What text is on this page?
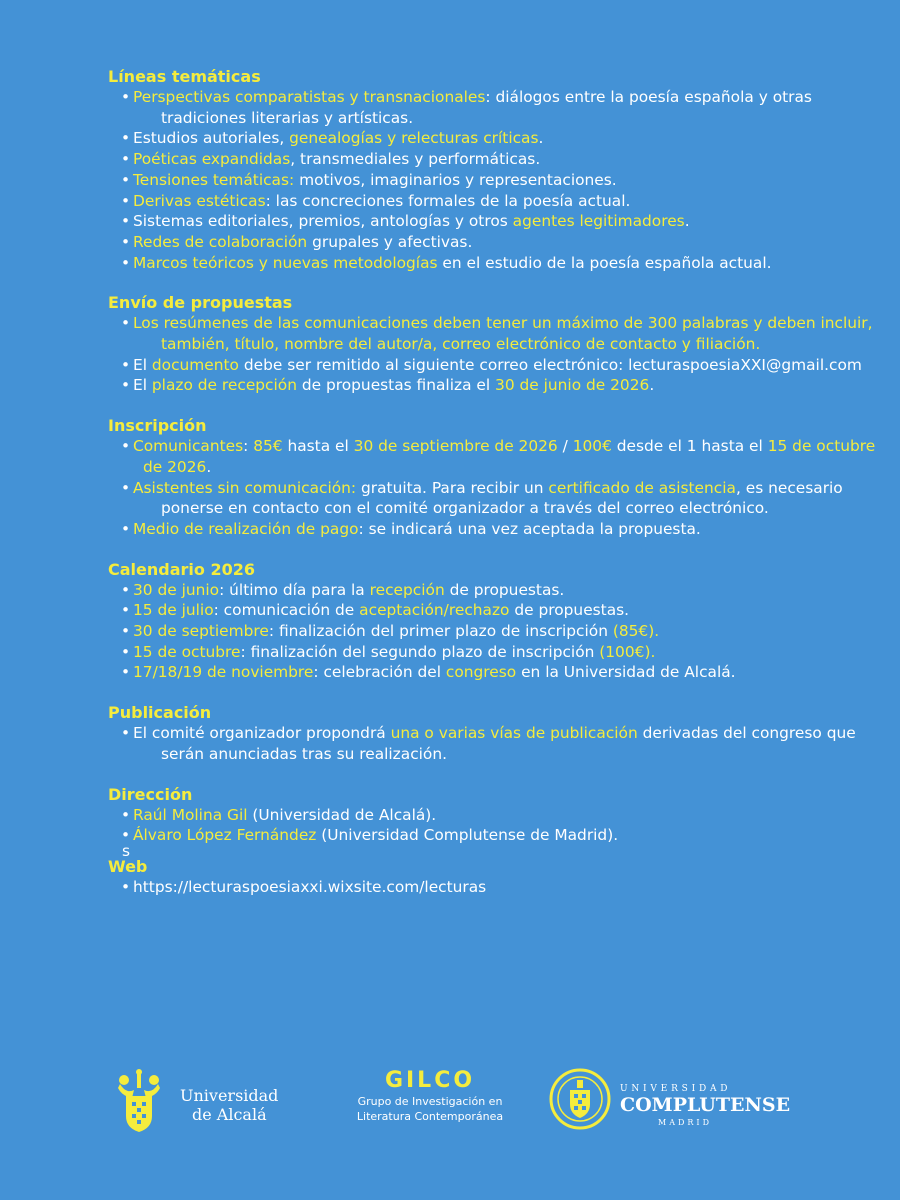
Líneas temáticas
• Perspectivas comparatistas y transnacionales: diálogos entre la poesía española y otras tradiciones literarias y artísticas.
• Estudios autoriales, genealogías y relecturas críticas.
• Poéticas expandidas, transmediales y performáticas.
• Tensiones temáticas: motivos, imaginarios y representaciones.
• Derivas estéticas: las concreciones formales de la poesía actual.
• Sistemas editoriales, premios, antologías y otros agentes legitimadores.
• Redes de colaboración grupales y afectivas.
• Marcos teóricos y nuevas metodologías en el estudio de la poesía española actual.
Envío de propuestas
• Los resúmenes de las comunicaciones deben tener un máximo de 300 palabras y deben incluir, también, título, nombre del autor/a, correo electrónico de contacto y filiación.
• El documento debe ser remitido al siguiente correo electrónico: lecturaspoesiaXXI@gmail.com
• El plazo de recepción de propuestas finaliza el 30 de junio de 2026.
Inscripción
• Comunicantes: 85€ hasta el 30 de septiembre de 2026 / 100€ desde el 1 hasta el 15 de octubre de 2026.
• Asistentes sin comunicación: gratuita. Para recibir un certificado de asistencia, es necesario ponerse en contacto con el comité organizador a través del correo electrónico.
• Medio de realización de pago: se indicará una vez aceptada la propuesta.
Calendario 2026
• 30 de junio: último día para la recepción de propuestas.
• 15 de julio: comunicación de aceptación/rechazo de propuestas.
• 30 de septiembre: finalización del primer plazo de inscripción (85€).
• 15 de octubre: finalización del segundo plazo de inscripción (100€).
• 17/18/19 de noviembre: celebración del congreso en la Universidad de Alcalá.
Publicación
• El comité organizador propondrá una o varias vías de publicación derivadas del congreso que serán anunciadas tras su realización.
Dirección
• Raúl Molina Gil (Universidad de Alcalá).
• Álvaro López Fernández (Universidad Complutense de Madrid).
s
Web
• https://lecturaspoesiaxxi.wixsite.com/lecturas
Universidad
de Alcalá
GILCO
Grupo de Investigación en
Literatura Contemporánea
UNIVERSIDAD
COMPLUTENSE
MADRID
